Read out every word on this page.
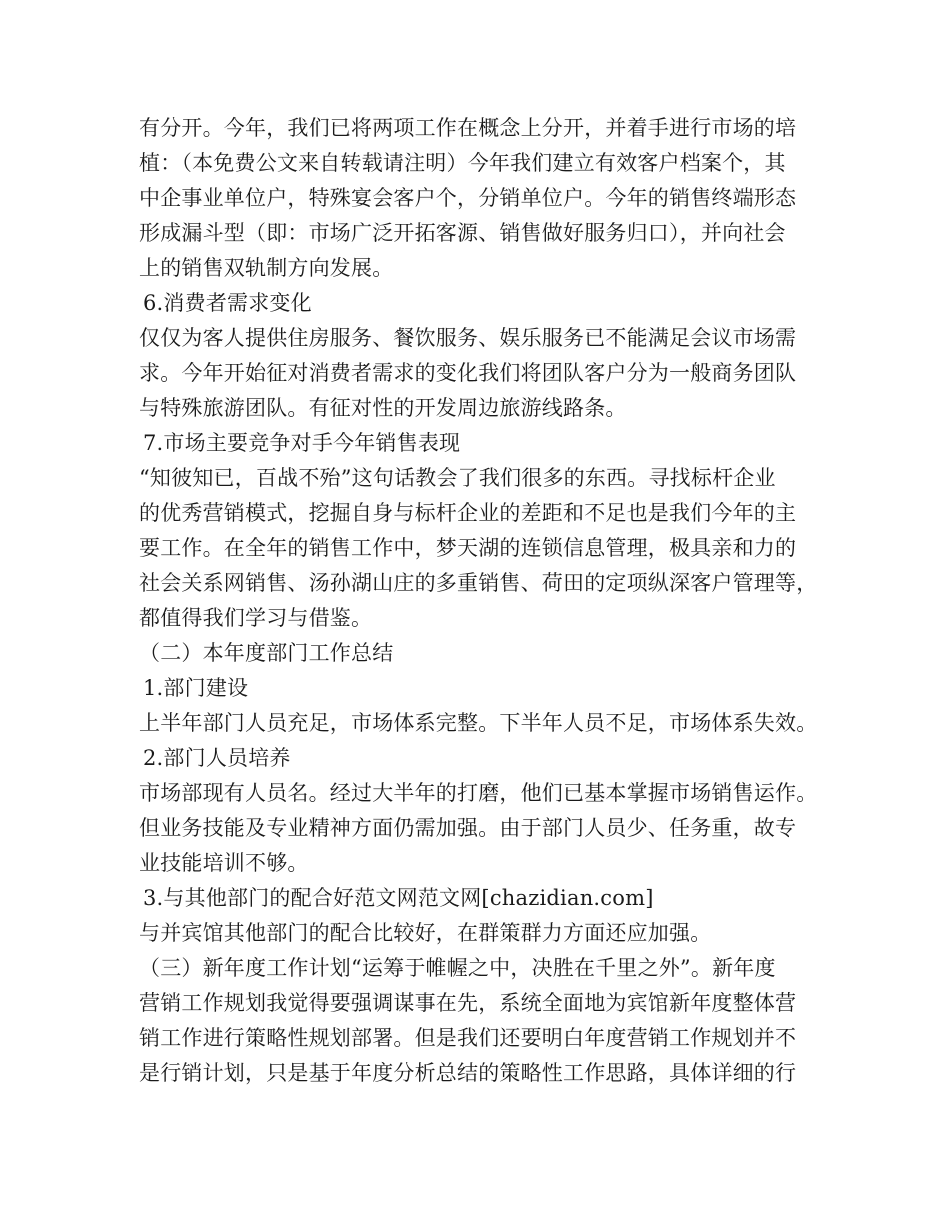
有分开。今年，我们已将两项工作在概念上分开，并着手进行市场的培
植：（本免费公文来自转载请注明）今年我们建立有效客户档案个，其
中企事业单位户，特殊宴会客户个，分销单位户。今年的销售终端形态
形成漏斗型（即：市场广泛开拓客源、销售做好服务归口），并向社会
上的销售双轨制方向发展。
6.消费者需求变化
仅仅为客人提供住房服务、餐饮服务、娱乐服务已不能满足会议市场需
求。今年开始征对消费者需求的变化我们将团队客户分为一般商务团队
与特殊旅游团队。有征对性的开发周边旅游线路条。
7.市场主要竞争对手今年销售表现
“知彼知已，百战不殆”这句话教会了我们很多的东西。寻找标杆企业
的优秀营销模式，挖掘自身与标杆企业的差距和不足也是我们今年的主
要工作。在全年的销售工作中，梦天湖的连锁信息管理，极具亲和力的
社会关系网销售、汤孙湖山庄的多重销售、荷田的定项纵深客户管理等，
都值得我们学习与借鉴。
（二）本年度部门工作总结
1.部门建设
上半年部门人员充足，市场体系完整。下半年人员不足，市场体系失效。
2.部门人员培养
市场部现有人员名。经过大半年的打磨，他们已基本掌握市场销售运作。
但业务技能及专业精神方面仍需加强。由于部门人员少、任务重，故专
业技能培训不够。
3.与其他部门的配合好范文网范文网[chazidian.com]
与并宾馆其他部门的配合比较好，在群策群力方面还应加强。
（三）新年度工作计划“运筹于帷幄之中，决胜在千里之外”。新年度
营销工作规划我觉得要强调谋事在先，系统全面地为宾馆新年度整体营
销工作进行策略性规划部署。但是我们还要明白年度营销工作规划并不
是行销计划，只是基于年度分析总结的策略性工作思路，具体详细的行
